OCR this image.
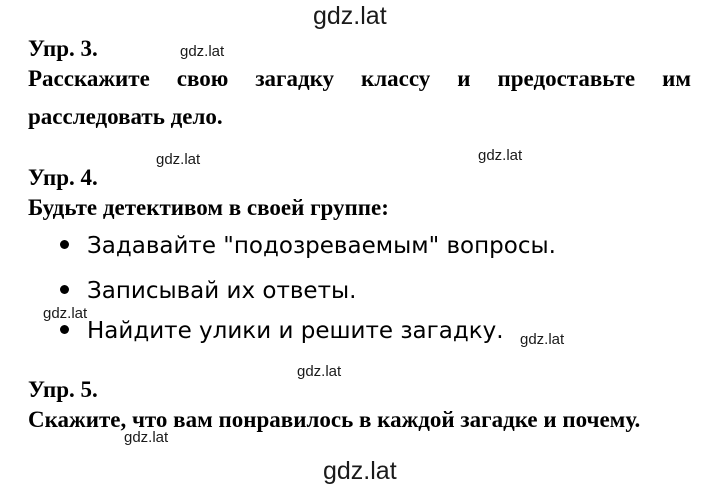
gdz.lat
gdz.lat
gdz.lat	gdz.lat
gdz.lat
gdz.lat
gdz.lat
gdz.lat
gdz.lat
Упр. 3.
Расскажите свою загадку классу и предоставьте им
расследовать дело.
Упр. 4.
Будьте детективом в своей группе:
Задавайте "подозреваемым" вопросы.
Записывай их ответы.
Найдите улики и решите загадку.
Упр. 5.
Скажите, что вам понравилось в каждой загадке и почему.
